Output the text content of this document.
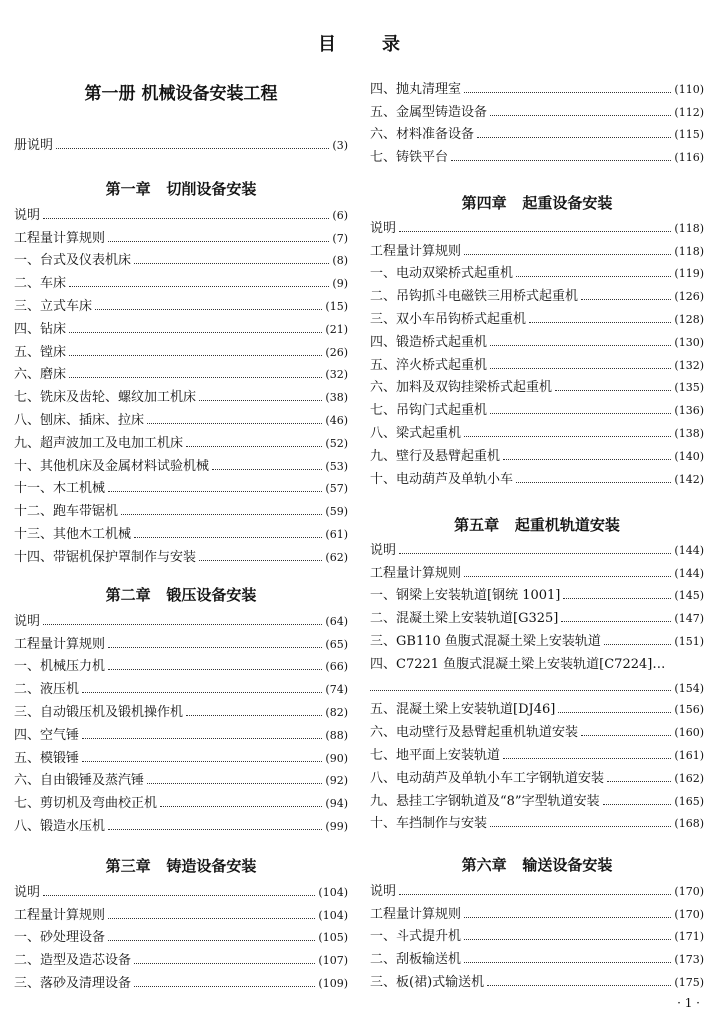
目录
第一册 机械设备安装工程
册说明	(3)
第一章   切削设备安装
说明	(6)
工程量计算规则	(7)
一、台式及仪表机床	(8)
二、车床	(9)
三、立式车床	(15)
四、钻床	(21)
五、镗床	(26)
六、磨床	(32)
七、铣床及齿轮、螺纹加工机床	(38)
八、刨床、插床、拉床	(46)
九、超声波加工及电加工机床	(52)
十、其他机床及金属材料试验机械	(53)
十一、木工机械	(57)
十二、跑车带锯机	(59)
十三、其他木工机械	(61)
十四、带锯机保护罩制作与安装	(62)
第二章   锻压设备安装
说明	(64)
工程量计算规则	(65)
一、机械压力机	(66)
二、液压机	(74)
三、自动锻压机及锻机操作机	(82)
四、空气锤	(88)
五、模锻锤	(90)
六、自由锻锤及蒸汽锤	(92)
七、剪切机及弯曲校正机	(94)
八、锻造水压机	(99)
第三章   铸造设备安装
说明	(104)
工程量计算规则	(104)
一、砂处理设备	(105)
二、造型及造芯设备	(107)
三、落砂及清理设备	(109)
四、抛丸清理室	(110)
五、金属型铸造设备	(112)
六、材料准备设备	(115)
七、铸铁平台	(116)
第四章   起重设备安装
说明	(118)
工程量计算规则	(118)
一、电动双梁桥式起重机	(119)
二、吊钩抓斗电磁铁三用桥式起重机	(126)
三、双小车吊钩桥式起重机	(128)
四、锻造桥式起重机	(130)
五、淬火桥式起重机	(132)
六、加料及双钩挂梁桥式起重机	(135)
七、吊钩门式起重机	(136)
八、梁式起重机	(138)
九、壁行及悬臂起重机	(140)
十、电动葫芦及单轨小车	(142)
第五章   起重机轨道安装
说明	(144)
工程量计算规则	(144)
一、钢梁上安装轨道[钢统 1001]	(145)
二、混凝土梁上安装轨道[G325]	(147)
三、GB110 鱼腹式混凝土梁上安装轨道	(151)
四、C7221 鱼腹式混凝土梁上安装轨道[C7224] …
(154)
五、混凝土梁上安装轨道[DJ46]	(156)
六、电动壁行及悬臂起重机轨道安装	(160)
七、地平面上安装轨道	(161)
八、电动葫芦及单轨小车工字钢轨道安装	(162)
九、悬挂工字钢轨道及“8”字型轨道安装	(165)
十、车挡制作与安装	(168)
第六章   输送设备安装
说明	(170)
工程量计算规则	(170)
一、斗式提升机	(171)
二、刮板输送机	(173)
三、板(裙)式输送机	(175)
· 1 ·
